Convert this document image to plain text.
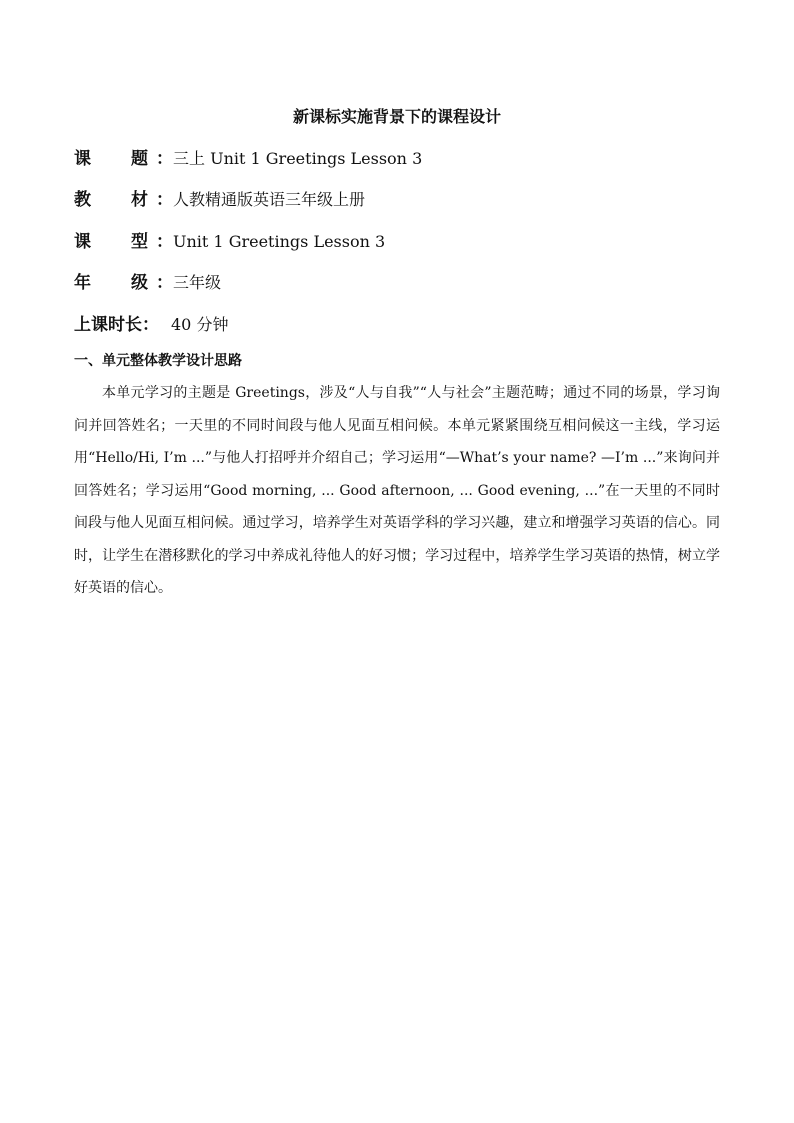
新课标实施背景下的课程设计
课 题 ：三上 Unit 1 Greetings Lesson 3
教 材 ：人教精通版英语三年级上册
课 型 ：Unit 1 Greetings Lesson 3
年 级 ：三年级
上课时长： 40 分钟
一、单元整体教学设计思路

本单元学习的主题是 Greetings，涉及“人与自我”“人与社会”主题范畴；通过不同的场景，学习询问并回答姓名；一天里的不同时间段与他人见面互相问候。本单元紧紧围绕互相问候这一主线，学习运用“Hello/Hi, I’m ...”与他人打招呼并介绍自己；学习运用“—What’s your name? —I’m ...”来询问并回答姓名；学习运用“Good morning, ... Good afternoon, ... Good evening, ...”在一天里的不同时间段与他人见面互相问候。通过学习，培养学生对英语学科的学习兴趣，建立和增强学习英语的信心。同时，让学生在潜移默化的学习中养成礼待他人的好习惯；学习过程中，培养学生学习英语的热情，树立学好英语的信心。
